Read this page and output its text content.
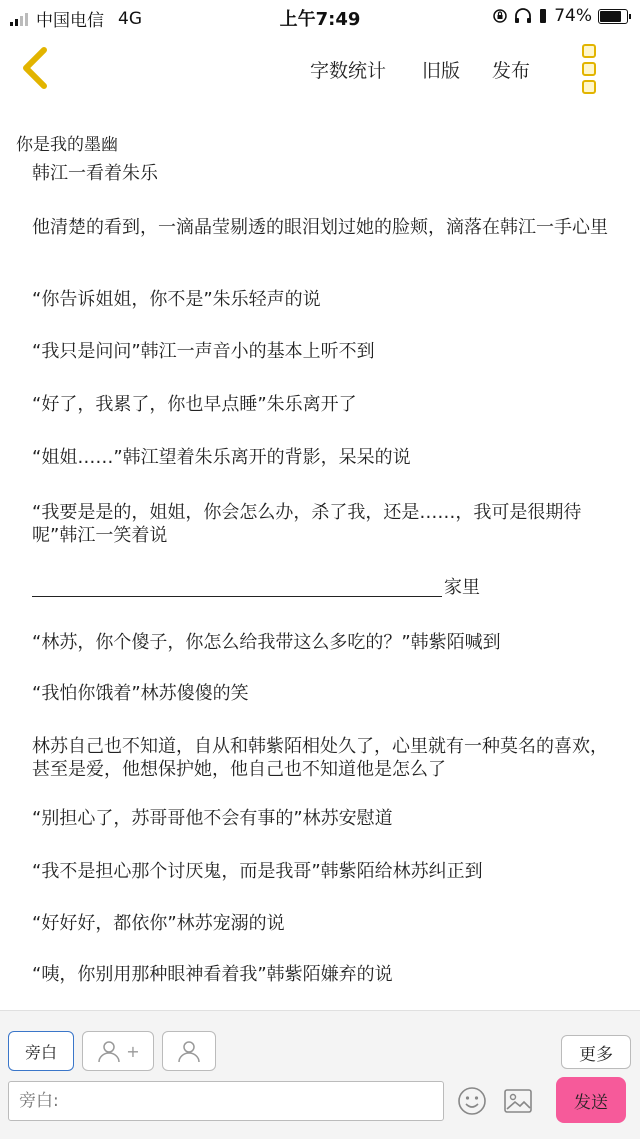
中国电信 4G	上午7:49	74%
字数统计 旧版 发布
你是我的墨幽
韩江一看着朱乐
他清楚的看到，一滴晶莹剔透的眼泪划过她的脸颊，滴落在韩江一手心里
“你告诉姐姐，你不是”朱乐轻声的说
“我只是问问”韩江一声音小的基本上听不到
“好了，我累了，你也早点睡”朱乐离开了
“姐姐……”韩江望着朱乐离开的背影，呆呆的说
“我要是是的，姐姐，你会怎么办，杀了我，还是……，我可是很期待呢”韩江一笑着说
家里
“林苏，你个傻子，你怎么给我带这么多吃的？”韩紫陌喊到
“我怕你饿着”林苏傻傻的笑
林苏自己也不知道，自从和韩紫陌相处久了，心里就有一种莫名的喜欢，甚至是爱，他想保护她，他自己也不知道他是怎么了
“别担心了，苏哥哥他不会有事的”林苏安慰道
“我不是担心那个讨厌鬼，而是我哥”韩紫陌给林苏纠正到
“好好好，都依你”林苏宠溺的说
“咦，你别用那种眼神看着我”韩紫陌嫌弃的说
旁白	+	更多
旁白:
发送
